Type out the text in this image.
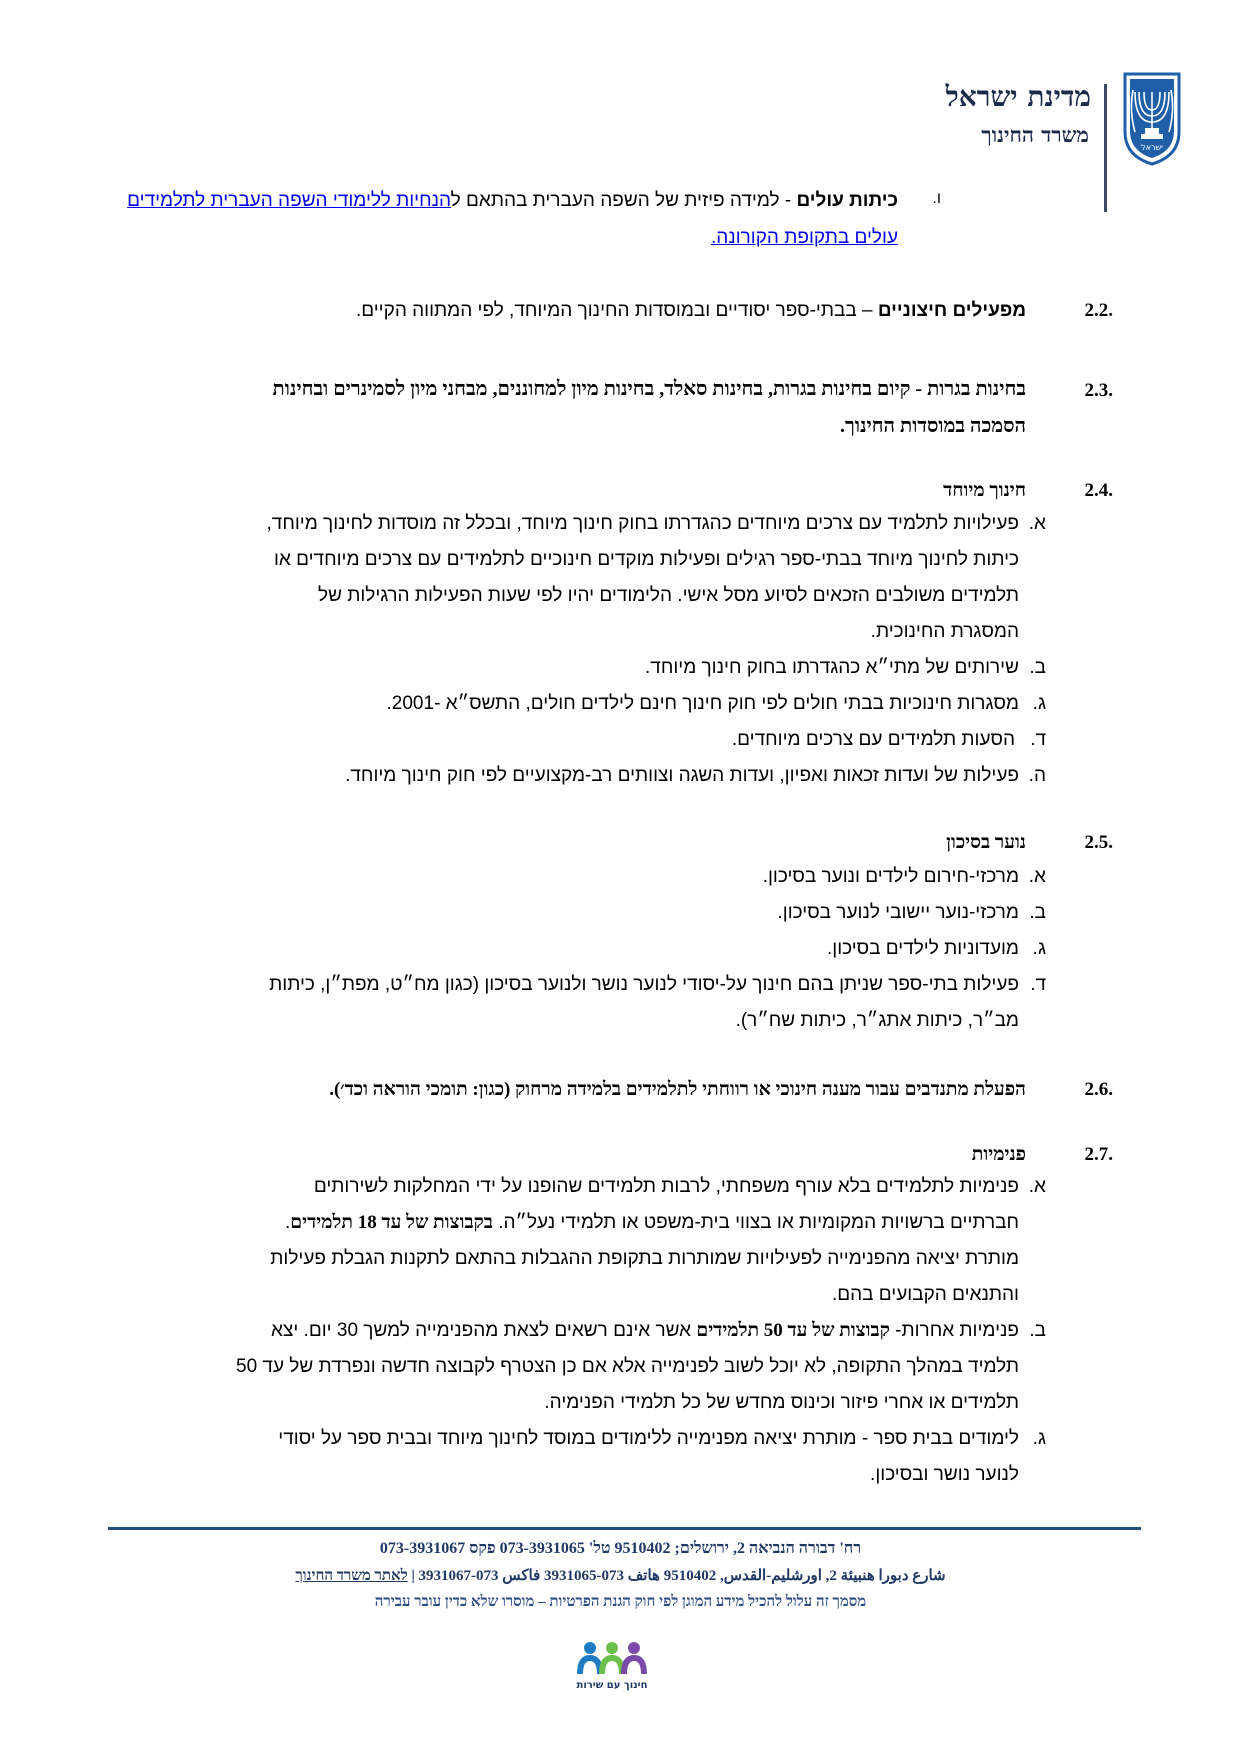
ישראל
מדינת ישראל
משרד החינוך
ו.
כיתות עולים - למידה פיזית של השפה העברית בהתאם להנחיות ללימודי השפה העברית לתלמידים
עולים בתקופת הקורונה.
.2.2
מפעילים חיצוניים – בבתי-ספר יסודיים ובמוסדות החינוך המיוחד, לפי המתווה הקיים.
.2.3
בחינות בגרות - קיום בחינות בגרות, בחינות סאלד, בחינות מיון למחוננים, מבחני מיון לסמינרים ובחינות
הסמכה במוסדות החינוך.
.2.4
חינוך מיוחד
א.
פעילויות לתלמיד עם צרכים מיוחדים כהגדרתו בחוק חינוך מיוחד, ובכלל זה מוסדות לחינוך מיוחד,
כיתות לחינוך מיוחד בבתי-ספר רגילים ופעילות מוקדים חינוכיים לתלמידים עם צרכים מיוחדים או
תלמידים משולבים הזכאים לסיוע מסל אישי. הלימודים יהיו לפי שעות הפעילות הרגילות של
המסגרת החינוכית.
ב.
שירותים של מתי״א כהגדרתו בחוק חינוך מיוחד.
ג.
מסגרות חינוכיות בבתי חולים לפי חוק חינוך חינם לילדים חולים, התשס״א -2001.
ד.
הסעות תלמידים עם צרכים מיוחדים.
ה.
פעילות של ועדות זכאות ואפיון, ועדות השגה וצוותים רב-מקצועיים לפי חוק חינוך מיוחד.
.2.5
נוער בסיכון
א.
מרכזי-חירום לילדים ונוער בסיכון.
ב.
מרכזי-נוער יישובי לנוער בסיכון.
ג.
מועדוניות לילדים בסיכון.
ד.
פעילות בתי-ספר שניתן בהם חינוך על-יסודי לנוער נושר ולנוער בסיכון (כגון מח״ט, מפת״ן, כיתות
מב״ר, כיתות אתג״ר, כיתות שח״ר).
.2.6
הפעלת מתנדבים עבור מענה חינוכי או רווחתי לתלמידים בלמידה מרחוק (כגון: תומכי הוראה וכד׳).
.2.7
פנימיות
א.
פנימיות לתלמידים בלא עורף משפחתי, לרבות תלמידים שהופנו על ידי המחלקות לשירותים
חברתיים ברשויות המקומיות או בצווי בית-משפט או תלמידי נעל״ה. בקבוצות של עד 18 תלמידים.
מותרת יציאה מהפנימייה לפעילויות שמותרות בתקופת ההגבלות בהתאם לתקנות הגבלת פעילות
והתנאים הקבועים בהם.
ב.
פנימיות אחרות- קבוצות של עד 50 תלמידים אשר אינם רשאים לצאת מהפנימייה למשך 30 יום. יצא
תלמיד במהלך התקופה, לא יוכל לשוב לפנימייה אלא אם כן הצטרף לקבוצה חדשה ונפרדת של עד 50
תלמידים או אחרי פיזור וכינוס מחדש של כל תלמידי הפנימיה.
ג.
לימודים בבית ספר - מותרת יציאה מפנימייה ללימודים במוסד לחינוך מיוחד ובבית ספר על יסודי
לנוער נושר ובסיכון.
רח' דבורה הנביאה 2, ירושלים; 9510402 טל' 073-3931065 פקס 073-3931067
شارع دبورا هنبيئة 2, اورشليم-القدس, 9510402 هاتف 073-3931065 فاكس 073-3931067 | לאתר משרד החינוך
מסמך זה עלול להכיל מידע המוגן לפי חוק הגנת הפרטיות – מוסרו שלא כדין עובר עבירה
חינוך עם שירות
